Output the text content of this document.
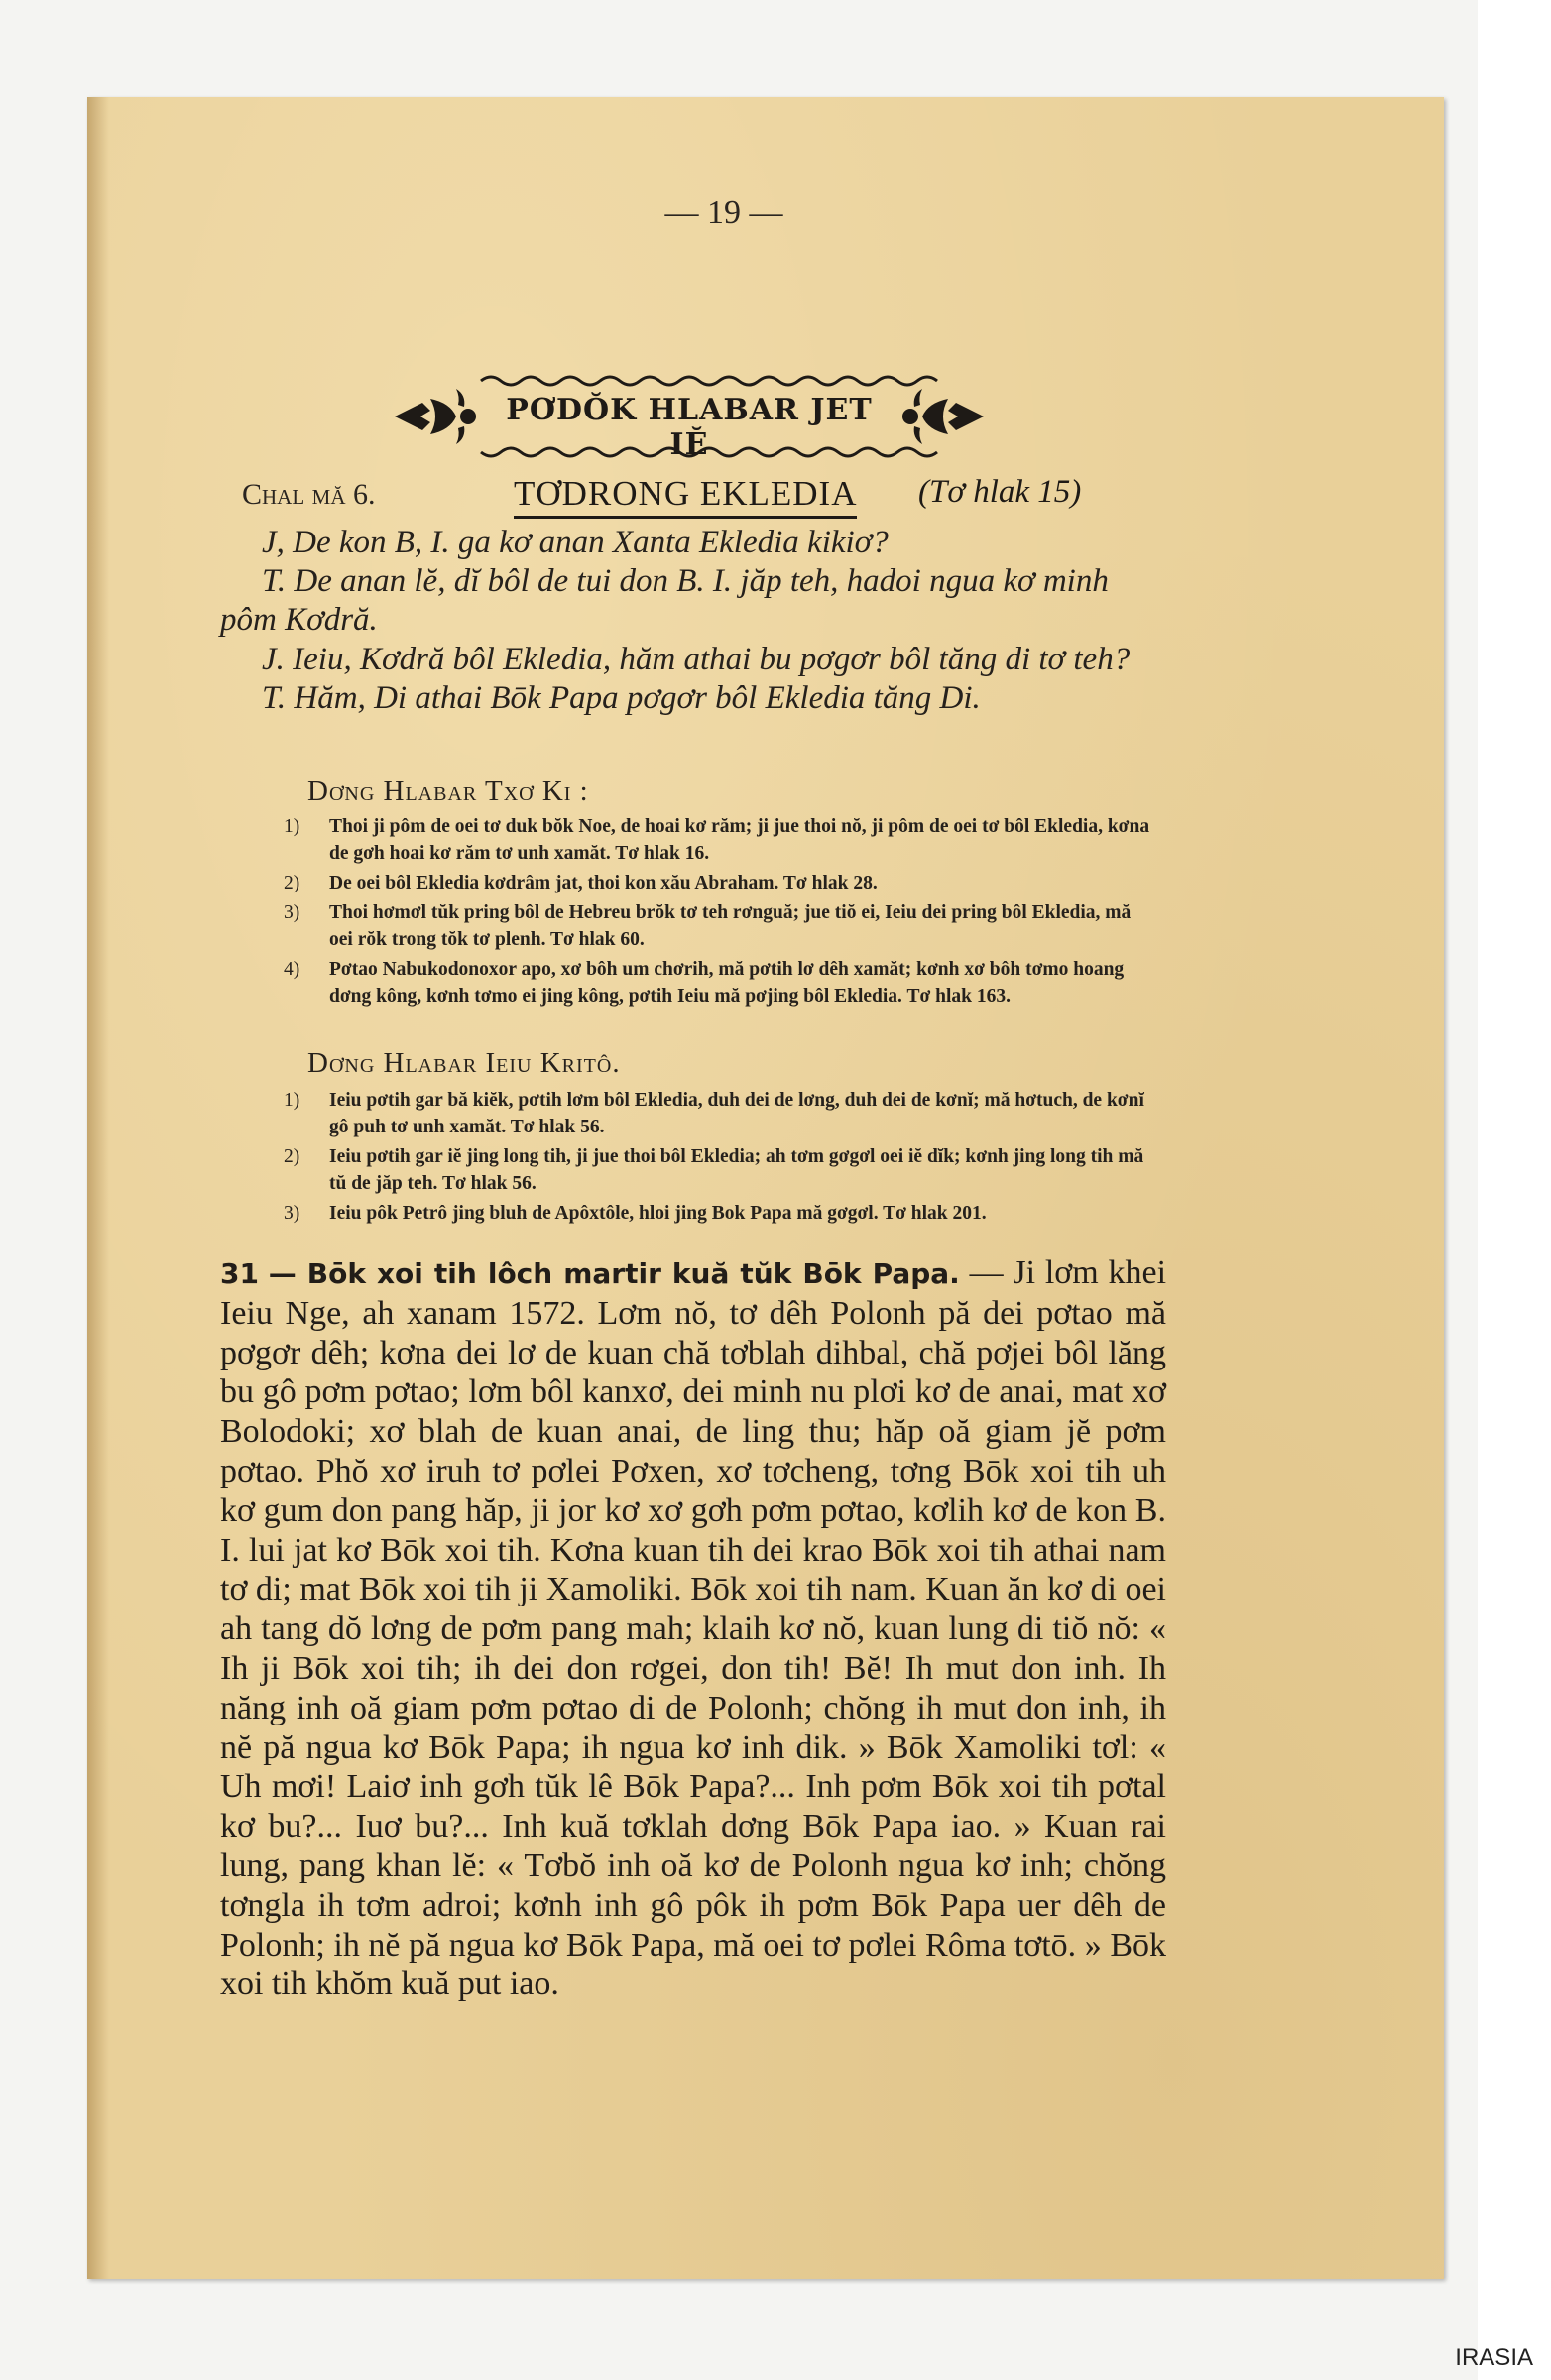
— 19 —
PƠDŎK HLABAR JET IĔ
Chal mă 6.	TƠDRONG EKLEDIA (Tơ hlak 15)

J, De kon B, I. ga kơ anan Xanta Ekledia kikiơ?

T. De anan lĕ, dĭ bôl de tui don B. I. jăp teh, hadoi ngua kơ minh pôm Kơdră.

J. Ieiu, Kơdră bôl Ekledia, hăm athai bu pơgơr bôl tăng di tơ teh?

T. Hăm, Di athai Bōk Papa pơgơr bôl Ekledia tăng Di.

Dơng Hlabar Txơ Ki :
1) Thoi ji pôm de oei tơ duk bŏk Noe, de hoai kơ răm; ji jue thoi nŏ, ji pôm de oei tơ bôl Ekledia, kơna de gơh hoai kơ răm tơ unh xamăt. Tơ hlak 16.
2) De oei bôl Ekledia kơdrâm jat, thoi kon xău Abraham. Tơ hlak 28.
3) Thoi hơmơl tŭk pring bôl de Hebreu brŏk tơ teh rơnguă; jue tiŏ ei, Ieiu dei pring bôl Ekledia, mă oei rŏk trong tŏk tơ plenh. Tơ hlak 60.
4) Pơtao Nabukodonoxor apo, xơ bôh um chơrih, mă pơtih lơ dêh xamăt; kơnh xơ bôh tơmo hoang dơng kông, kơnh tơmo ei jing kông, pơtih Ieiu mă pơjing bôl Ekledia. Tơ hlak 163.
Dơng Hlabar Ieiu Kritô.
1) Ieiu pơtih gar bă kiĕk, pơtih lơm bôl Ekledia, duh dei de lơng, duh dei de kơnĭ; mă hơtuch, de kơnĭ gô puh tơ unh xamăt. Tơ hlak 56.
2) Ieiu pơtih gar iĕ jing long tih, ji jue thoi bôl Ekledia; ah tơm gơgơl oei iĕ dĭk; kơnh jing long tih mă tŭ de jăp teh. Tơ hlak 56.
3) Ieiu pôk Petrô jing bluh de Apôxtôle, hloi jing Bok Papa mă gơgơl. Tơ hlak 201.
31 — Bōk xoi tih lôch martir kuă tŭk Bōk Papa. — Ji lơm khei Ieiu Nge, ah xanam 1572. Lơm nŏ, tơ dêh Polonh pă dei pơtao mă pơgơr dêh; kơna dei lơ de kuan chă tơblah dihbal, chă pơjei bôl lăng bu gô pơm pơtao; lơm bôl kanxơ, dei minh nu plơi kơ de anai, mat xơ Bolodoki; xơ blah de kuan anai, de ling thu; hăp oă giam jĕ pơm pơtao. Phŏ xơ iruh tơ pơlei Pơxen, xơ tơcheng, tơng Bōk xoi tih uh kơ gum don pang hăp, ji jor kơ xơ gơh pơm pơtao, kơlih kơ de kon B. I. lui jat kơ Bōk xoi tih. Kơna kuan tih dei krao Bōk xoi tih athai nam tơ di; mat Bōk xoi tih ji Xamoliki. Bōk xoi tih nam. Kuan ăn kơ di oei ah tang dŏ lơng de pơm pang mah; klaih kơ nŏ, kuan lung di tiŏ nŏ: « Ih ji Bōk xoi tih; ih dei don rơgei, don tih! Bĕ! Ih mut don inh. Ih năng inh oă giam pơm pơtao di de Polonh; chŏng ih mut don inh, ih nĕ pă ngua kơ Bōk Papa; ih ngua kơ inh dik. » Bōk Xamoliki tơl: « Uh mơi! Laiơ inh gơh tŭk lê Bōk Papa?... Inh pơm Bōk xoi tih pơtal kơ bu?... Iuơ bu?... Inh kuă tơklah dơng Bōk Papa iao. » Kuan rai lung, pang khan lĕ: « Tơbŏ inh oă kơ de Polonh ngua kơ inh; chŏng tơngla ih tơm adroi; kơnh inh gô pôk ih pơm Bōk Papa uer dêh de Polonh; ih nĕ pă ngua kơ Bōk Papa, mă oei tơ pơlei Rôma tơtō. » Bōk xoi tih khŏm kuă put iao.
IRASIA
